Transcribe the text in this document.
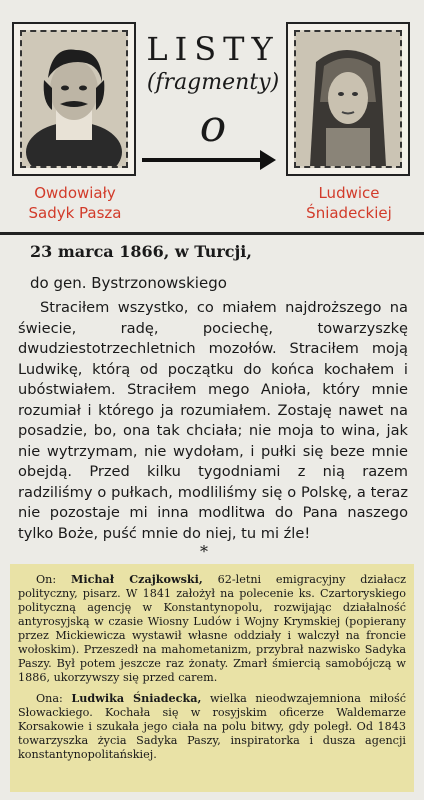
LISTY
(fragmenty)
o
Owdowiały
Sadyk Pasza
Ludwice
Śniadeckiej
23 marca 1866, w Turcji,
do gen. Bystrzonowskiego

Straciłem wszystko, co miałem najdroższego na świecie, radę, pociechę, towarzyszkę dwudziestotrzechletnich mozołów. Straciłem moją Ludwikę, którą od początku do końca kochałem i ubóstwiałem. Straciłem mego Anioła, który mnie rozumiał i którego ja rozumiałem. Zostaję nawet na posadzie, bo, ona tak chciała; nie moja to wina, jak nie wytrzymam, nie wydołam, i pułki się beze mnie obejdą. Przed kilku tygodniami z nią razem radziliśmy o pułkach, modliliśmy się o Polskę, a teraz nie pozostaje mi inna modlitwa do Pana naszego tylko Boże, puść mnie do niej, tu mi źle!

*

On: Michał Czajkowski, 62-letni emigracyjny działacz polityczny, pisarz. W 1841 założył na polecenie ks. Czartoryskiego polityczną agencję w Konstantynopolu, rozwijając działalność antyrosyjską w czasie Wiosny Ludów i Wojny Krymskiej (popierany przez Mickiewicza wystawił własne oddziały i walczył na froncie wołoskim). Przeszedł na mahometanizm, przybrał nazwisko Sadyka Paszy. Był potem jeszcze raz żonaty. Zmarł śmiercią samobójczą w 1886, ukorzywszy się przed carem.

Ona: Ludwika Śniadecka, wielka nieodwzajemniona miłość Słowackiego. Kochała się w rosyjskim oficerze Waldemarze Korsakowie i szukała jego ciała na polu bitwy, gdy poległ. Od 1843 towarzyszka życia Sadyka Paszy, inspiratorka i dusza agencji konstantynopolitańskiej.
